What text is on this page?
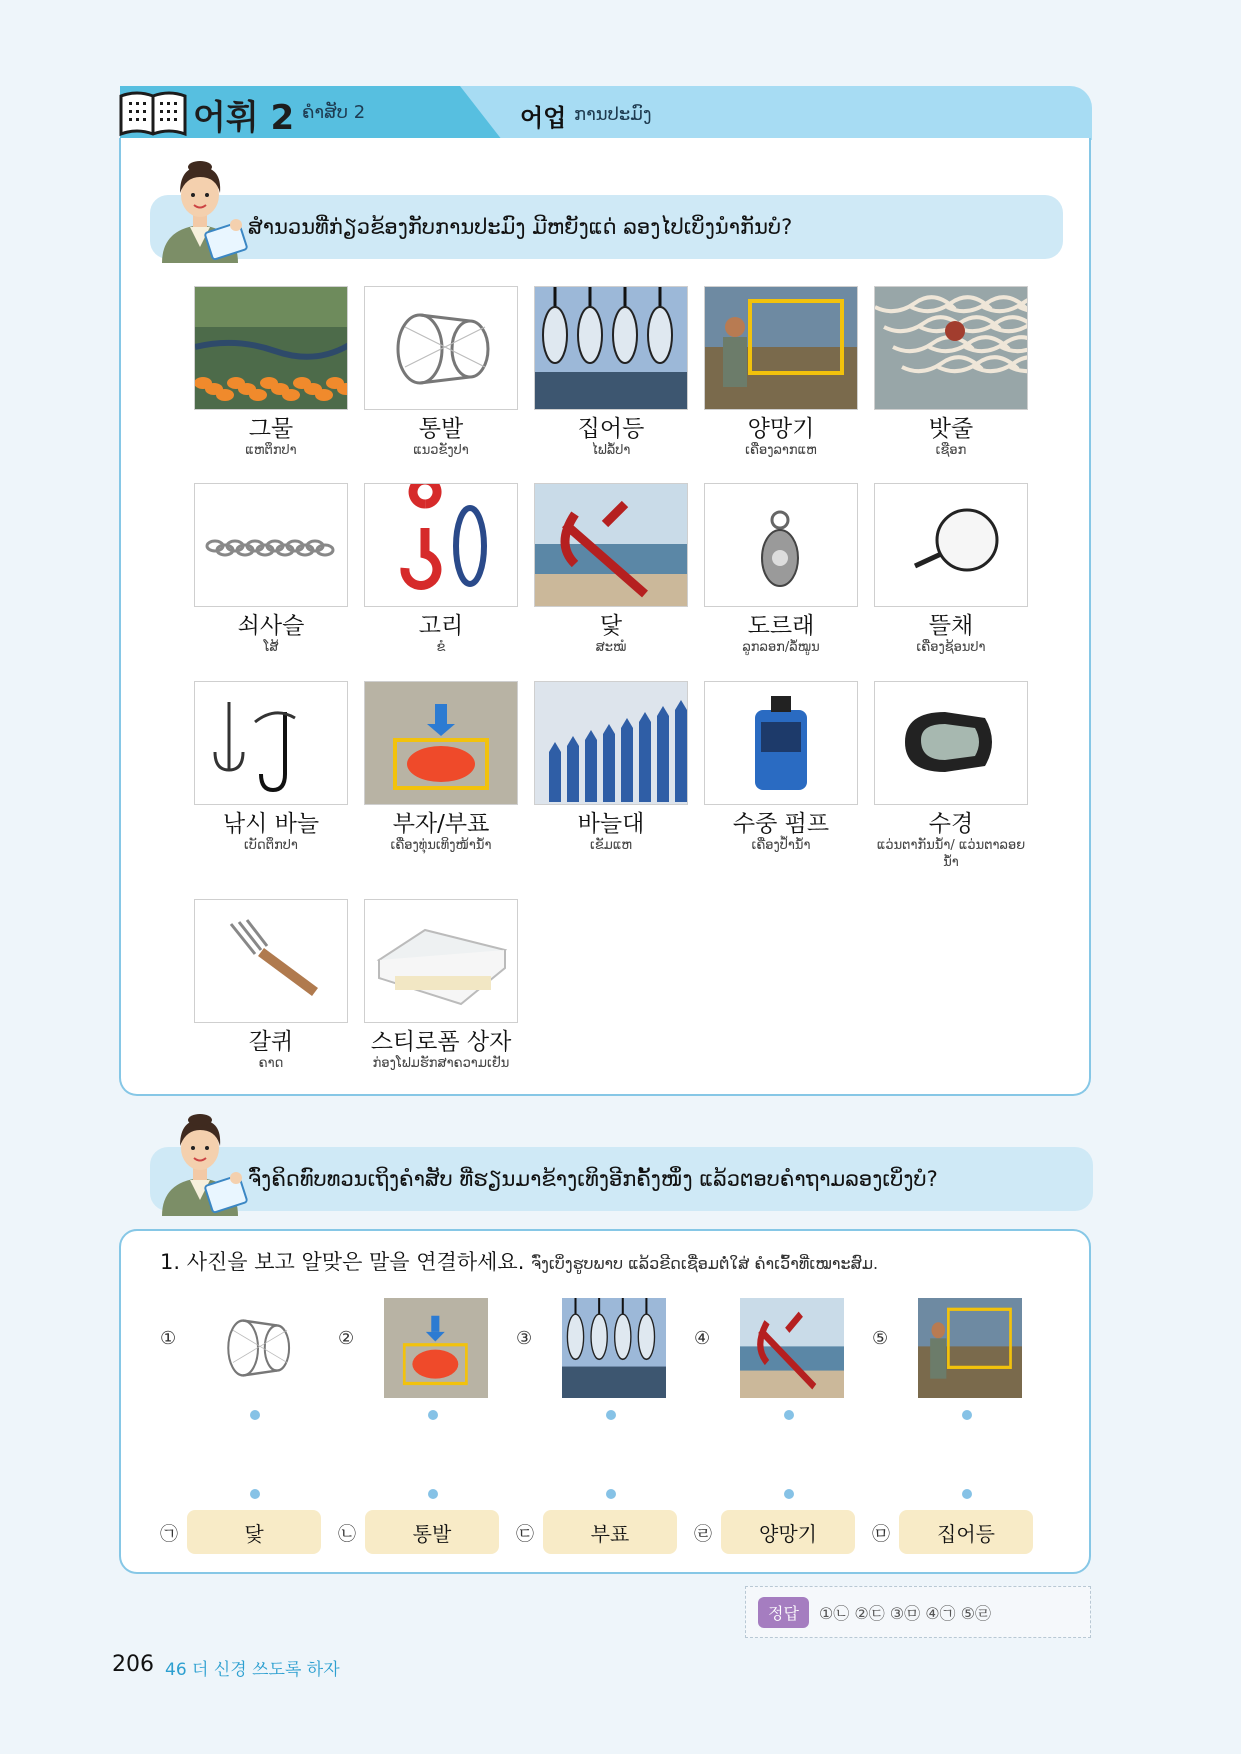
어휘 2 ຄໍາສັບ 2	어업 ການປະມົງ
ສໍານວນທີ່ກ່ຽວຂ້ອງກັບການປະມົງ ມີຫຍັງແດ່ ລອງໄປເບິ່ງນໍາກັນບໍ?
그물
ແຫຕຶກປາ
통발
ແນວຂັງປາ
집어등
ໄຟລໍ້ປາ
양망기
ເຄື່ອງລາກແຫ
밧줄
ເຊືອກ
쇠사슬
ໂສ້
고리
ຂໍ
닻
ສະໝໍ
도르래
ລູກລອກ/ລໍ້ໝູນ
뜰채
ເຄື່ອງຊ້ອນປາ
낚시 바늘
ເບັດຕຶກປາ
부자/부표
ເຄື່ອງທຸ່ນເທິງໜ້ານໍ້າ
바늘대
ເຂັມແຫ
수중 펌프
ເຄື່ອງປໍ້ານໍ້າ
수경
ແວ່ນຕາກັນນໍ້າ/ ແວ່ນຕາລອຍນໍ້າ
갈퀴
ຄາດ
스티로폼 상자
ກ່ອງໂຟມຮັກສາຄວາມເຢັນ
ຈົ່ງຄິດທົບທວນເຖິງຄໍາສັບ ທີ່ຮຽນມາຂ້າງເທິງອີກຄັ້ງໜຶ່ງ ແລ້ວຕອບຄໍາຖາມລອງເບິ່ງບໍ?
1. 사진을 보고 알맞은 말을 연결하세요. ຈົ່ງເບິ່ງຮູບພາບ ແລ້ວຂີດເຊື່ອມຕໍ່ໃສ່ ຄໍາເວົ້າທີ່ເໝາະສົມ.
①
㉠	닻
②
㉡	통발
③
㉢	부표
④
㉣	양망기
⑤
㉤	집어등
정답	①㉡ ②㉢ ③㉤ ④㉠ ⑤㉣
206 46 더 신경 쓰도록 하자
